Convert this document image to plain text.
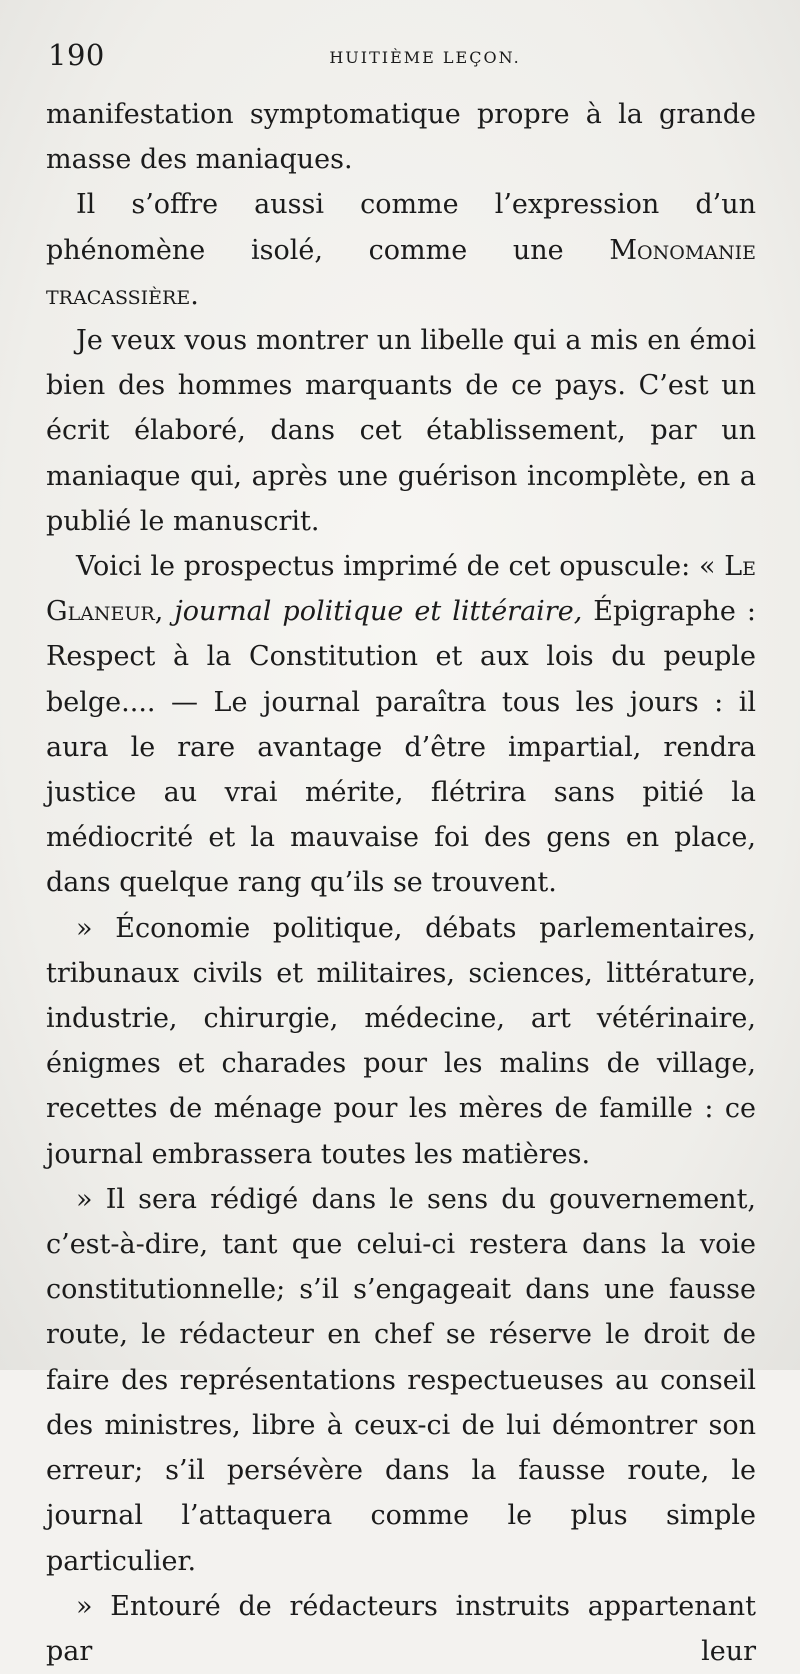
190	HUITIÈME LEÇON.

manifestation symptomatique propre à la grande masse des maniaques.

Il s’offre aussi comme l’expression d’un phénomène isolé, comme une Monomanie tracassière.

Je veux vous montrer un libelle qui a mis en émoi bien des hommes marquants de ce pays. C’est un écrit élaboré, dans cet établissement, par un maniaque qui, après une guérison incomplète, en a publié le manuscrit.

Voici le prospectus imprimé de cet opuscule: « Le Glaneur, journal politique et littéraire, Épigraphe : Respect à la Constitution et aux lois du peuple belge.... — Le journal paraîtra tous les jours : il aura le rare avantage d’être impartial, rendra justice au vrai mérite, flétrira sans pitié la médiocrité et la mauvaise foi des gens en place, dans quelque rang qu’ils se trouvent.

» Économie politique, débats parlementaires, tribunaux civils et militaires, sciences, littérature, industrie, chirurgie, médecine, art vétérinaire, énigmes et charades pour les malins de village, recettes de ménage pour les mères de famille : ce journal embrassera toutes les matières.

» Il sera rédigé dans le sens du gouvernement, c’est-à-dire, tant que celui-ci restera dans la voie constitutionnelle; s’il s’engageait dans une fausse route, le rédacteur en chef se réserve le droit de faire des représentations respectueuses au conseil des ministres, libre à ceux-ci de lui démontrer son erreur; s’il persévère dans la fausse route, le journal l’attaquera comme le plus simple particulier.

» Entouré de rédacteurs instruits appartenant par leur
